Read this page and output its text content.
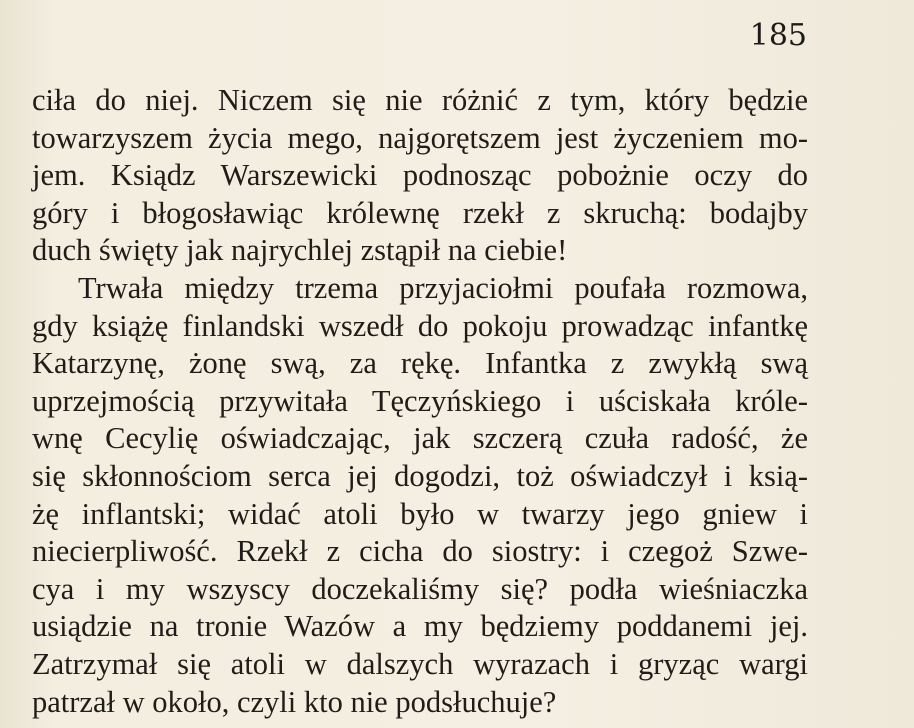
185
ciła do niej. Niczem się nie różnić z tym, który będzie
towarzyszem życia mego, najgorętszem jest życzeniem mo-
jem. Ksiądz Warszewicki podnosząc pobożnie oczy do
góry i błogosławiąc królewnę rzekł z skruchą: bodajby
duch święty jak najrychlej zstąpił na ciebie!
Trwała między trzema przyjaciołmi poufała rozmowa,
gdy książę finlandski wszedł do pokoju prowadząc infantkę
Katarzynę, żonę swą, za rękę. Infantka z zwykłą swą
uprzejmością przywitała Tęczyńskiego i uściskała króle-
wnę Cecylię oświadczając, jak szczerą czuła radość, że
się skłonnościom serca jej dogodzi, toż oświadczył i ksią-
żę inflantski; widać atoli było w twarzy jego gniew i
niecierpliwość. Rzekł z cicha do siostry: i czegoż Szwe-
cya i my wszyscy doczekaliśmy się? podła wieśniaczka
usiądzie na tronie Wazów a my będziemy poddanemi jej.
Zatrzymał się atoli w dalszych wyrazach i gryząc wargi
patrzał w około, czyli kto nie podsłuchuje?
